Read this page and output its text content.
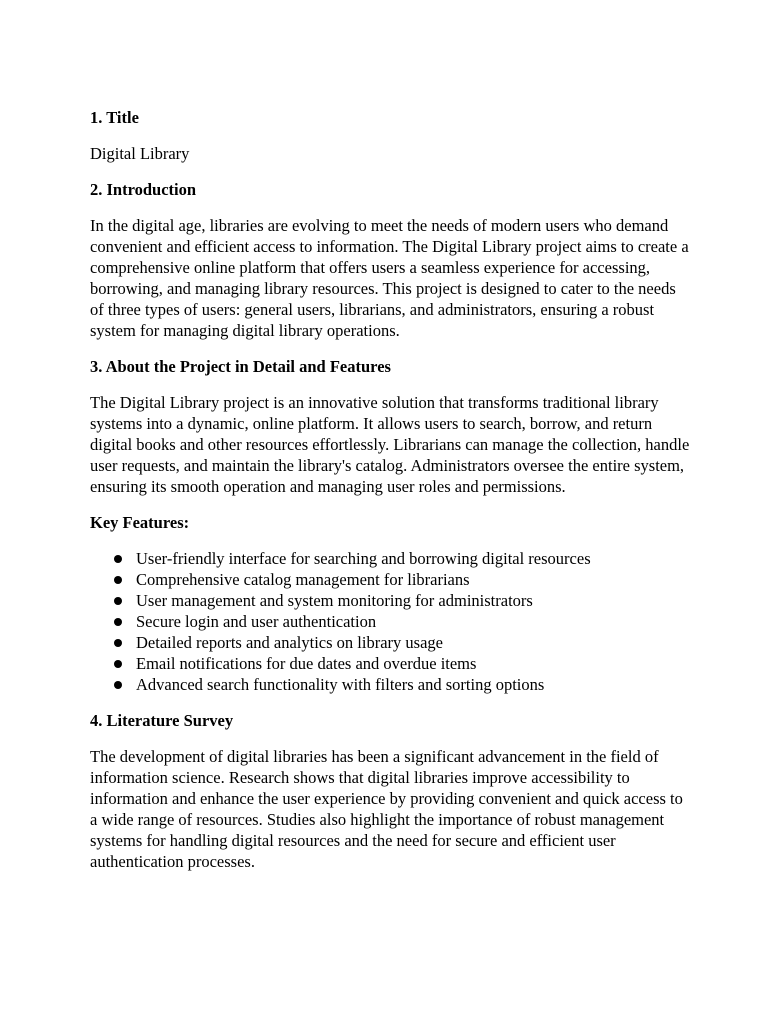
1. Title

Digital Library

2. Introduction

In the digital age, libraries are evolving to meet the needs of modern users who demand convenient and efficient access to information. The Digital Library project aims to create a comprehensive online platform that offers users a seamless experience for accessing, borrowing, and managing library resources. This project is designed to cater to the needs of three types of users: general users, librarians, and administrators, ensuring a robust system for managing digital library operations.

3. About the Project in Detail and Features

The Digital Library project is an innovative solution that transforms traditional library systems into a dynamic, online platform. It allows users to search, borrow, and return digital books and other resources effortlessly. Librarians can manage the collection, handle user requests, and maintain the library's catalog. Administrators oversee the entire system, ensuring its smooth operation and managing user roles and permissions.

Key Features:
User-friendly interface for searching and borrowing digital resources
Comprehensive catalog management for librarians
User management and system monitoring for administrators
Secure login and user authentication
Detailed reports and analytics on library usage
Email notifications for due dates and overdue items
Advanced search functionality with filters and sorting options
4. Literature Survey

The development of digital libraries has been a significant advancement in the field of information science. Research shows that digital libraries improve accessibility to information and enhance the user experience by providing convenient and quick access to a wide range of resources. Studies also highlight the importance of robust management systems for handling digital resources and the need for secure and efficient user authentication processes.
